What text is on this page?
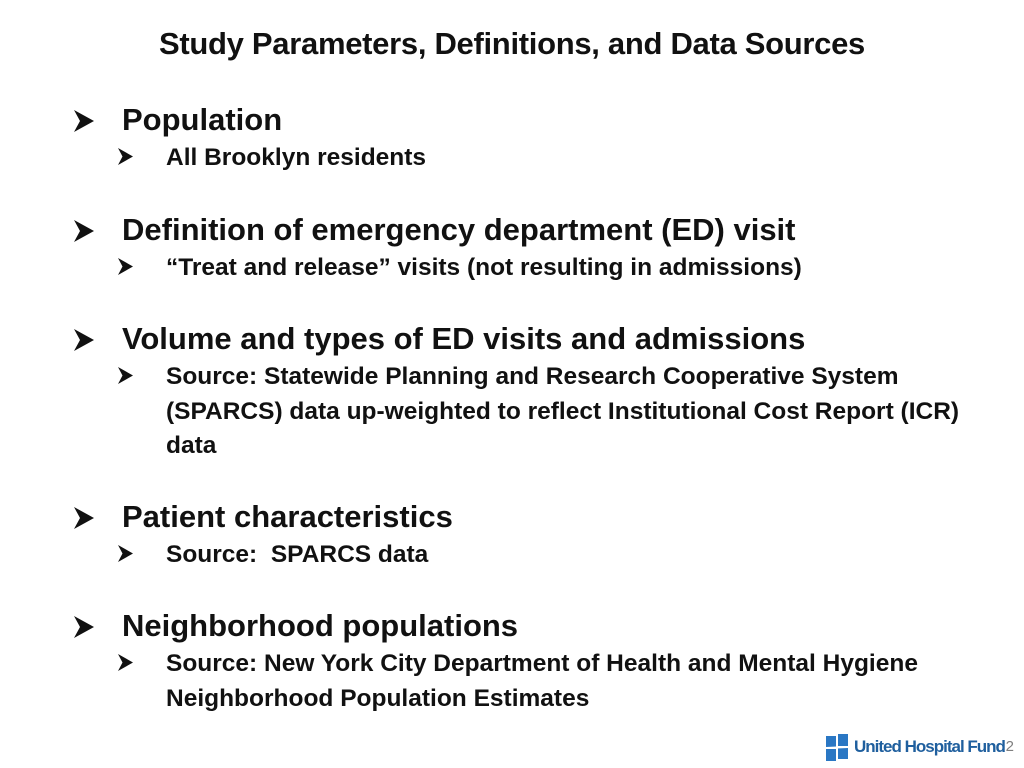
Study Parameters, Definitions, and Data Sources
Population
All Brooklyn residents
Definition of emergency department (ED) visit
“Treat and release” visits (not resulting in admissions)
Volume and types of ED visits and admissions
Source: Statewide Planning and Research Cooperative System (SPARCS) data up-weighted to reflect Institutional Cost Report (ICR) data
Patient characteristics
Source:  SPARCS data
Neighborhood populations
Source: New York City Department of Health and Mental Hygiene Neighborhood Population Estimates
United Hospital Fund 2
